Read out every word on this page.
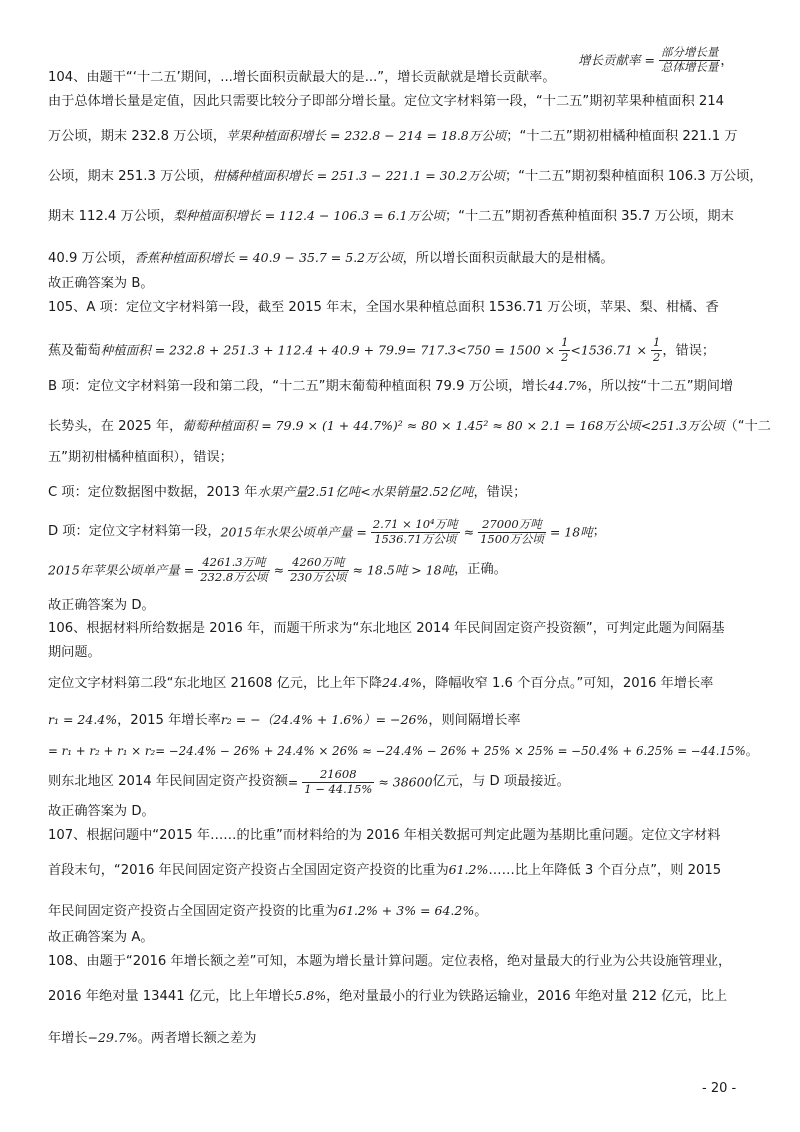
增长贡献率 = $\frac{\text{部分增长量}}{\text{总体增长量}}$ ，
104、由题干“‘十二五’期间，...增长面积贡献最大的是...”，增长贡献就是增长贡献率。
由于总体增长量是定值，因此只需要比较分子即部分增长量。定位文字材料第一段，“十二五”期初苹果种植面积 214
万公顷，期末 232.8 万公顷，苹果种植面积增长 = 232.8 − 214 = 18.8万公顷；“十二五”期初柑橘种植面积 221.1 万
公顷，期末 251.3 万公顷，柑橘种植面积增长 = 251.3 − 221.1 = 30.2万公顷；“十二五”期初梨种植面积 106.3 万公顷，
期末 112.4 万公顷，梨种植面积增长 = 112.4 − 106.3 = 6.1万公顷；“十二五”期初香蕉种植面积 35.7 万公顷，期末
40.9 万公顷，香蕉种植面积增长 = 40.9 − 35.7 = 5.2万公顷，所以增长面积贡献最大的是柑橘。
故正确答案为 B。
105、A 项：定位文字材料第一段，截至 2015 年末，全国水果种植总面积 1536.71 万公顷，苹果、梨、柑橘、香
蕉及葡萄种植面积 = $232.8 + 251.3 + 112.4 + 40.9 + 79.9= 717.3<750 = 1500 \times \frac{1}{2} <1536.71 \times \frac{1}{2}$ ，错误；
B 项：定位文字材料第一段和第二段，“十二五”期末葡萄种植面积 79.9 万公顷，增长44.7%，所以按“十二五”期间增
长势头，在 2025 年，葡萄种植面积 = 79.9 × (1 + 44.7%)² ≈ 80 × 1.45² ≈ 80 × 2.1 = 168万公顷<251.3万公顷（“十二
五”期初柑橘种植面积），错误；
C 项：定位数据图中数据，2013 年水果产量2.51亿吨<水果销量2.52亿吨，错误；
D 项：定位文字材料第一段，2015年水果公顷单产量 = $\frac{\text{2.71 × 10⁴万吨}}{\text{1536.71万公顷}} \approx \frac{\text{27000万吨}}{\text{1500万公顷}} = 18$吨；
2015年苹果公顷单产量 = $\frac{\text{4261.3万吨}}{\text{232.8万公顷}} \approx \frac{\text{4260万吨}}{\text{230万公顷}} \approx 18.5$吨 > 18吨，正确。
故正确答案为 D。
106、根据材料所给数据是 2016 年，而题干所求为“东北地区 2014 年民间固定资产投资额”，可判定此题为间隔基
期问题。
定位文字材料第二段“东北地区 21608 亿元，比上年下降24.4%，降幅收窄 1.6 个百分点。”可知，2016 年增长率
r₁ = 24.4%，2015 年增长率r₂ = −（24.4% + 1.6%）= −26%，则间隔增长率
= r₁ + r₂ + r₁ × r₂= −24.4% − 26% + 24.4% × 26% ≈ −24.4% − 26% + 25% × 25% = −50.4% + 6.25% = −44.15%。
则东北地区 2014 年民间固定资产投资额= $\frac{21608}{1 - 44.15\%} \approx 38600$亿元，与 D 项最接近。
故正确答案为 D。
107、根据问题中“2015 年……的比重”而材料给的为 2016 年相关数据可判定此题为基期比重问题。定位文字材料
首段末句，“2016 年民间固定资产投资占全国固定资产投资的比重为61.2%……比上年降低 3 个百分点”，则 2015
年民间固定资产投资占全国固定资产投资的比重为61.2% + 3% = 64.2%。
故正确答案为 A。
108、由题于“2016 年增长额之差”可知，本题为增长量计算问题。定位表格，绝对量最大的行业为公共设施管理业，
2016 年绝对量 13441 亿元，比上年增长5.8%，绝对量最小的行业为铁路运输业，2016 年绝对量 212 亿元，比上
年增长−29.7%。两者增长额之差为
- 20 -
